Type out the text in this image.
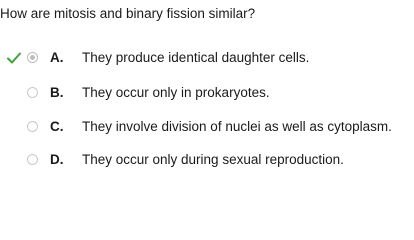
How are mitosis and binary fission similar?
A. They produce identical daughter cells.
B. They occur only in prokaryotes.
C. They involve division of nuclei as well as cytoplasm.
D. They occur only during sexual reproduction.
